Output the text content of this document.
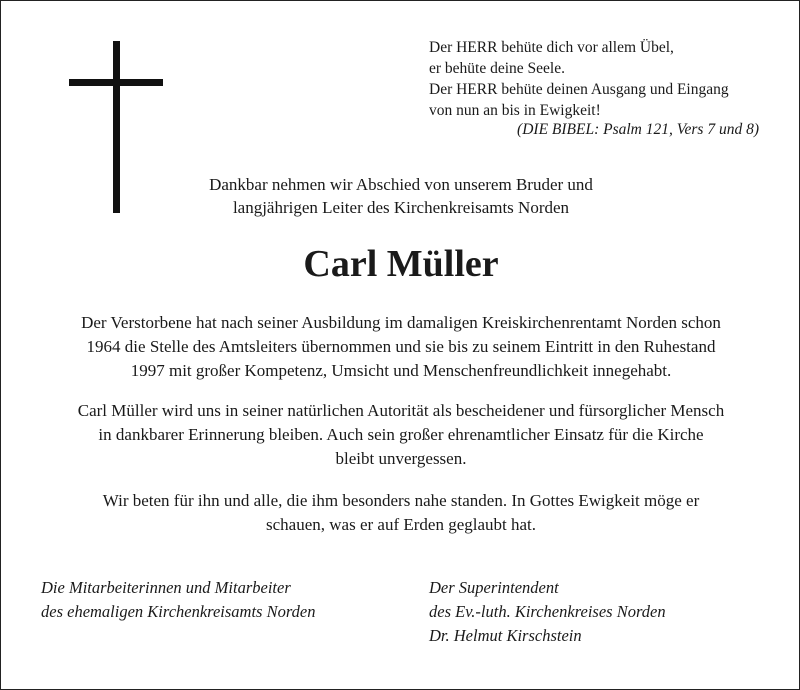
Der HERR behüte dich vor allem Übel,
er behüte deine Seele.
Der HERR behüte deinen Ausgang und Eingang
von nun an bis in Ewigkeit!
(DIE BIBEL: Psalm 121, Vers 7 und 8)
Dankbar nehmen wir Abschied von unserem Bruder und
langjährigen Leiter des Kirchenkreisamts Norden
Carl Müller
Der Verstorbene hat nach seiner Ausbildung im damaligen Kreiskirchenrentamt Norden schon
1964 die Stelle des Amtsleiters übernommen und sie bis zu seinem Eintritt in den Ruhestand
1997 mit großer Kompetenz, Umsicht und Menschenfreundlichkeit innegehabt.
Carl Müller wird uns in seiner natürlichen Autorität als bescheidener und fürsorglicher Mensch
in dankbarer Erinnerung bleiben. Auch sein großer ehrenamtlicher Einsatz für die Kirche
bleibt unvergessen.
Wir beten für ihn und alle, die ihm besonders nahe standen. In Gottes Ewigkeit möge er
schauen, was er auf Erden geglaubt hat.
Die Mitarbeiterinnen und Mitarbeiter
des ehemaligen Kirchenkreisamts Norden
Der Superintendent
des Ev.-luth. Kirchenkreises Norden
Dr. Helmut Kirschstein
